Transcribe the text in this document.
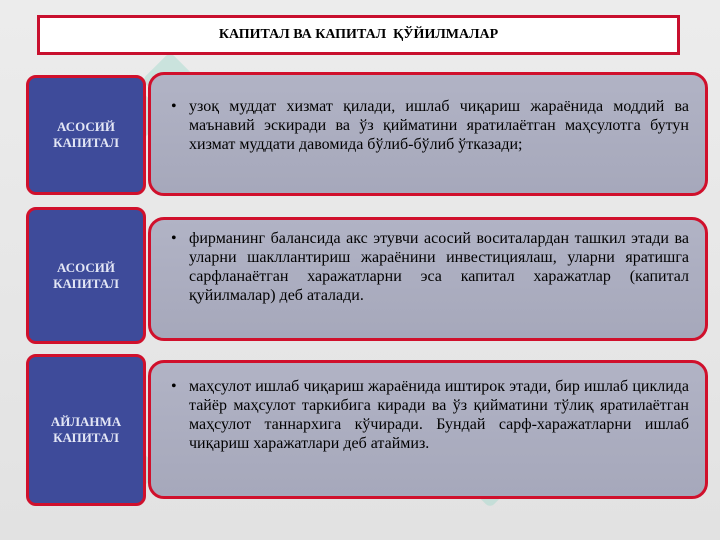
КАПИТАЛ ВА КАПИТАЛ  ҚЎЙИЛМАЛАР
• узоқ муддат хизмат қилади, ишлаб чиқариш жараёнида моддий ва маънавий эскиради ва ўз қийматини яратилаётган маҳсулотга бутун хизмат муддати давомида бўлиб-бўлиб ўтказади;
АСОСИЙ КАПИТАЛ
• фирманинг балансида акс этувчи асосий воситалардан ташкил этади ва уларни шакллантириш жараёнини инвестициялаш, уларни яратишга сарфланаётган харажатларни эса капитал харажатлар (капитал қуйилмалар) деб аталади.
АСОСИЙ КАПИТАЛ
• маҳсулот ишлаб чиқариш жараёнида иштирок этади, бир ишлаб циклида тайёр маҳсулот таркибига киради ва ўз қийматини тўлиқ яратилаётган маҳсулот таннархига кўчиради. Бундай сарф-харажатларни ишлаб чиқариш харажатлари деб атаймиз.
АЙЛАНМА КАПИТАЛ
